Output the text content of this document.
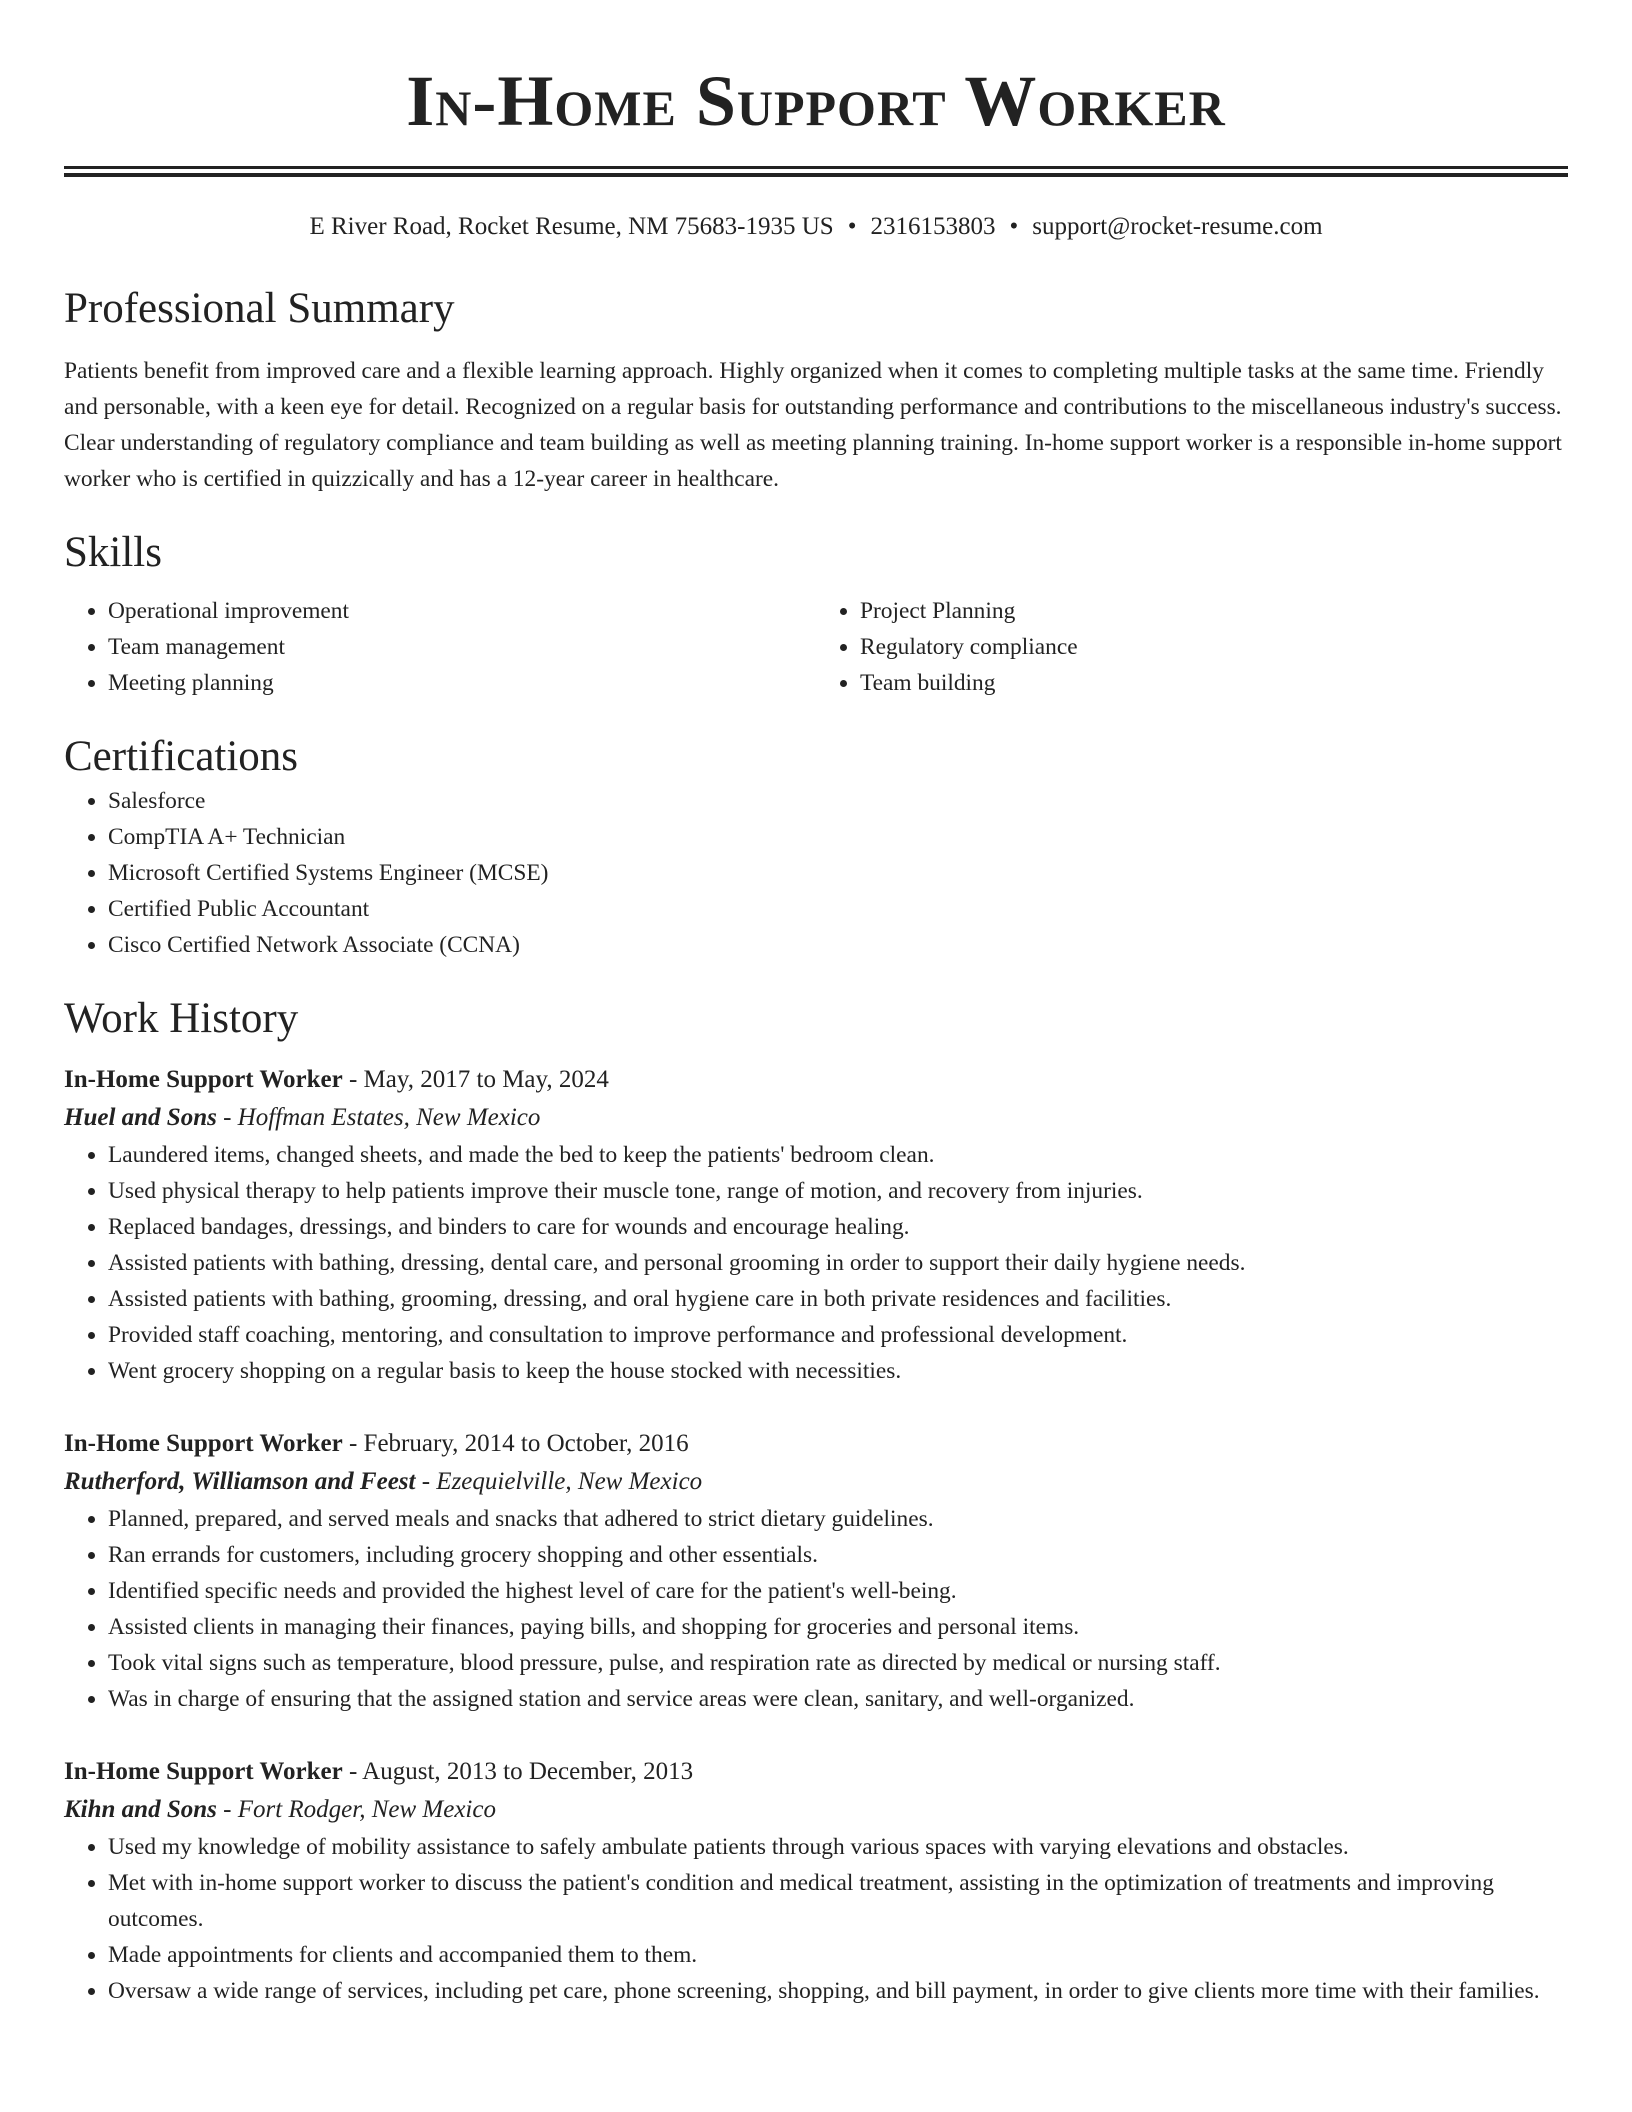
In-Home Support Worker
E River Road, Rocket Resume, NM 75683-1935 US • 2316153803 • support@rocket-resume.com
Professional Summary

Patients benefit from improved care and a flexible learning approach. Highly organized when it comes to completing multiple tasks at the same time. Friendly and personable, with a keen eye for detail. Recognized on a regular basis for outstanding performance and contributions to the miscellaneous industry's success. Clear understanding of regulatory compliance and team building as well as meeting planning training. In-home support worker is a responsible in-home support worker who is certified in quizzically and has a 12-year career in healthcare.

Skills
• Operational improvement
• Team management
• Meeting planning
• Project Planning
• Regulatory compliance
• Team building
Certifications
• Salesforce
• CompTIA A+ Technician
• Microsoft Certified Systems Engineer (MCSE)
• Certified Public Accountant
• Cisco Certified Network Associate (CCNA)
Work History
In-Home Support Worker - May, 2017 to May, 2024
Huel and Sons - Hoffman Estates, New Mexico
• Laundered items, changed sheets, and made the bed to keep the patients' bedroom clean.
• Used physical therapy to help patients improve their muscle tone, range of motion, and recovery from injuries.
• Replaced bandages, dressings, and binders to care for wounds and encourage healing.
• Assisted patients with bathing, dressing, dental care, and personal grooming in order to support their daily hygiene needs.
• Assisted patients with bathing, grooming, dressing, and oral hygiene care in both private residences and facilities.
• Provided staff coaching, mentoring, and consultation to improve performance and professional development.
• Went grocery shopping on a regular basis to keep the house stocked with necessities.
In-Home Support Worker - February, 2014 to October, 2016
Rutherford, Williamson and Feest - Ezequielville, New Mexico
• Planned, prepared, and served meals and snacks that adhered to strict dietary guidelines.
• Ran errands for customers, including grocery shopping and other essentials.
• Identified specific needs and provided the highest level of care for the patient's well-being.
• Assisted clients in managing their finances, paying bills, and shopping for groceries and personal items.
• Took vital signs such as temperature, blood pressure, pulse, and respiration rate as directed by medical or nursing staff.
• Was in charge of ensuring that the assigned station and service areas were clean, sanitary, and well-organized.
In-Home Support Worker - August, 2013 to December, 2013
Kihn and Sons - Fort Rodger, New Mexico
• Used my knowledge of mobility assistance to safely ambulate patients through various spaces with varying elevations and obstacles.
• Met with in-home support worker to discuss the patient's condition and medical treatment, assisting in the optimization of treatments and improving outcomes.
• Made appointments for clients and accompanied them to them.
• Oversaw a wide range of services, including pet care, phone screening, shopping, and bill payment, in order to give clients more time with their families.
